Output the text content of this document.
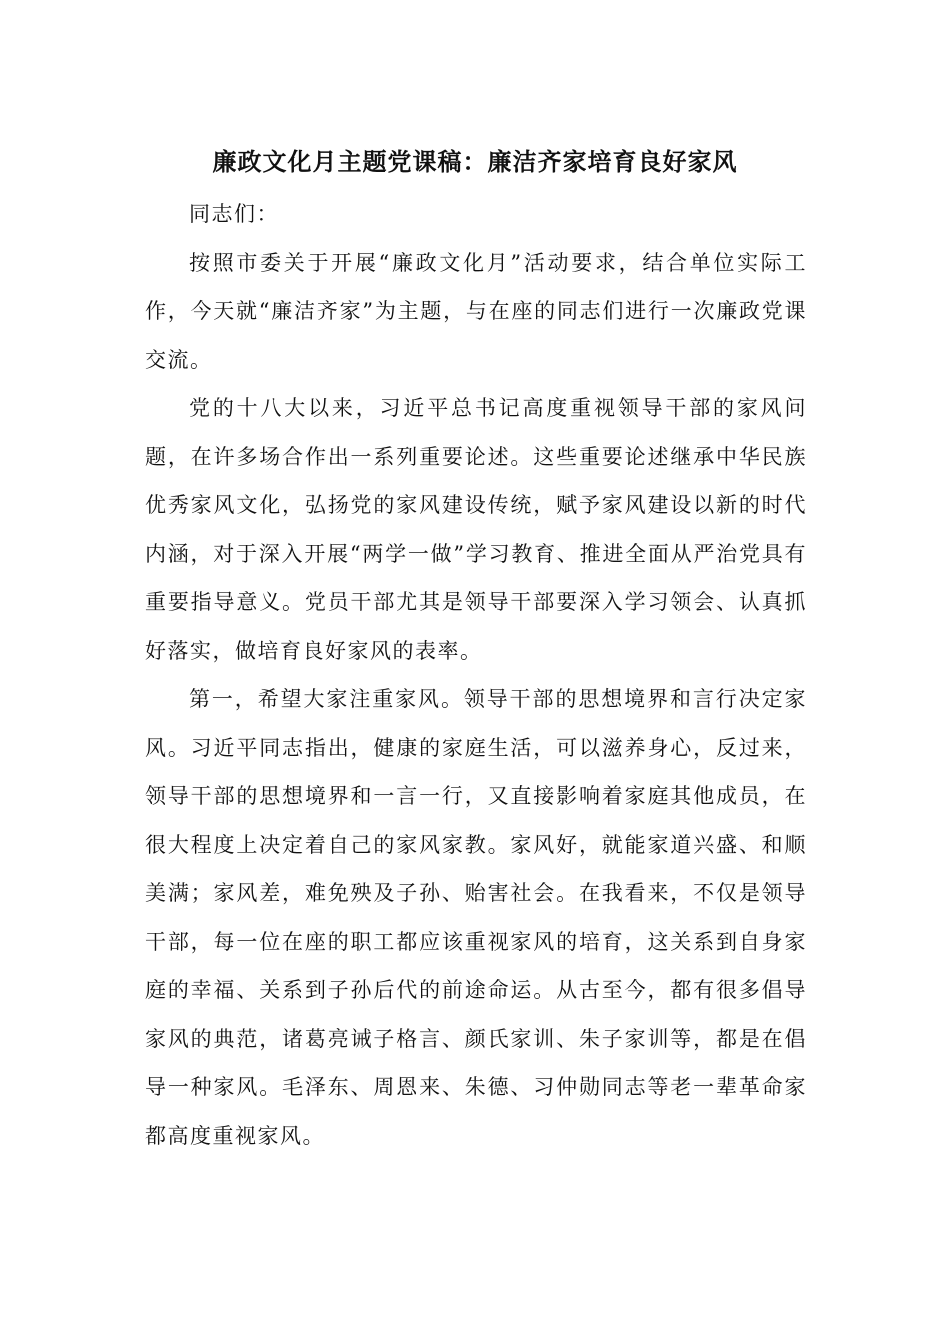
廉政文化月主题党课稿：廉洁齐家培育良好家风

同志们：

按照市委关于开展“廉政文化月”活动要求，结合单位实际工作，今天就“廉洁齐家”为主题，与在座的同志们进行一次廉政党课交流。

党的十八大以来，习近平总书记高度重视领导干部的家风问题，在许多场合作出一系列重要论述。这些重要论述继承中华民族优秀家风文化，弘扬党的家风建设传统，赋予家风建设以新的时代内涵，对于深入开展“两学一做”学习教育、推进全面从严治党具有重要指导意义。党员干部尤其是领导干部要深入学习领会、认真抓好落实，做培育良好家风的表率。

第一，希望大家注重家风。领导干部的思想境界和言行决定家风。习近平同志指出，健康的家庭生活，可以滋养身心，反过来，领导干部的思想境界和一言一行，又直接影响着家庭其他成员，在很大程度上决定着自己的家风家教。家风好，就能家道兴盛、和顺美满；家风差，难免殃及子孙、贻害社会。在我看来，不仅是领导干部，每一位在座的职工都应该重视家风的培育，这关系到自身家庭的幸福、关系到子孙后代的前途命运。从古至今，都有很多倡导家风的典范，诸葛亮诫子格言、颜氏家训、朱子家训等，都是在倡导一种家风。毛泽东、周恩来、朱德、习仲勋同志等老一辈革命家都高度重视家风。
